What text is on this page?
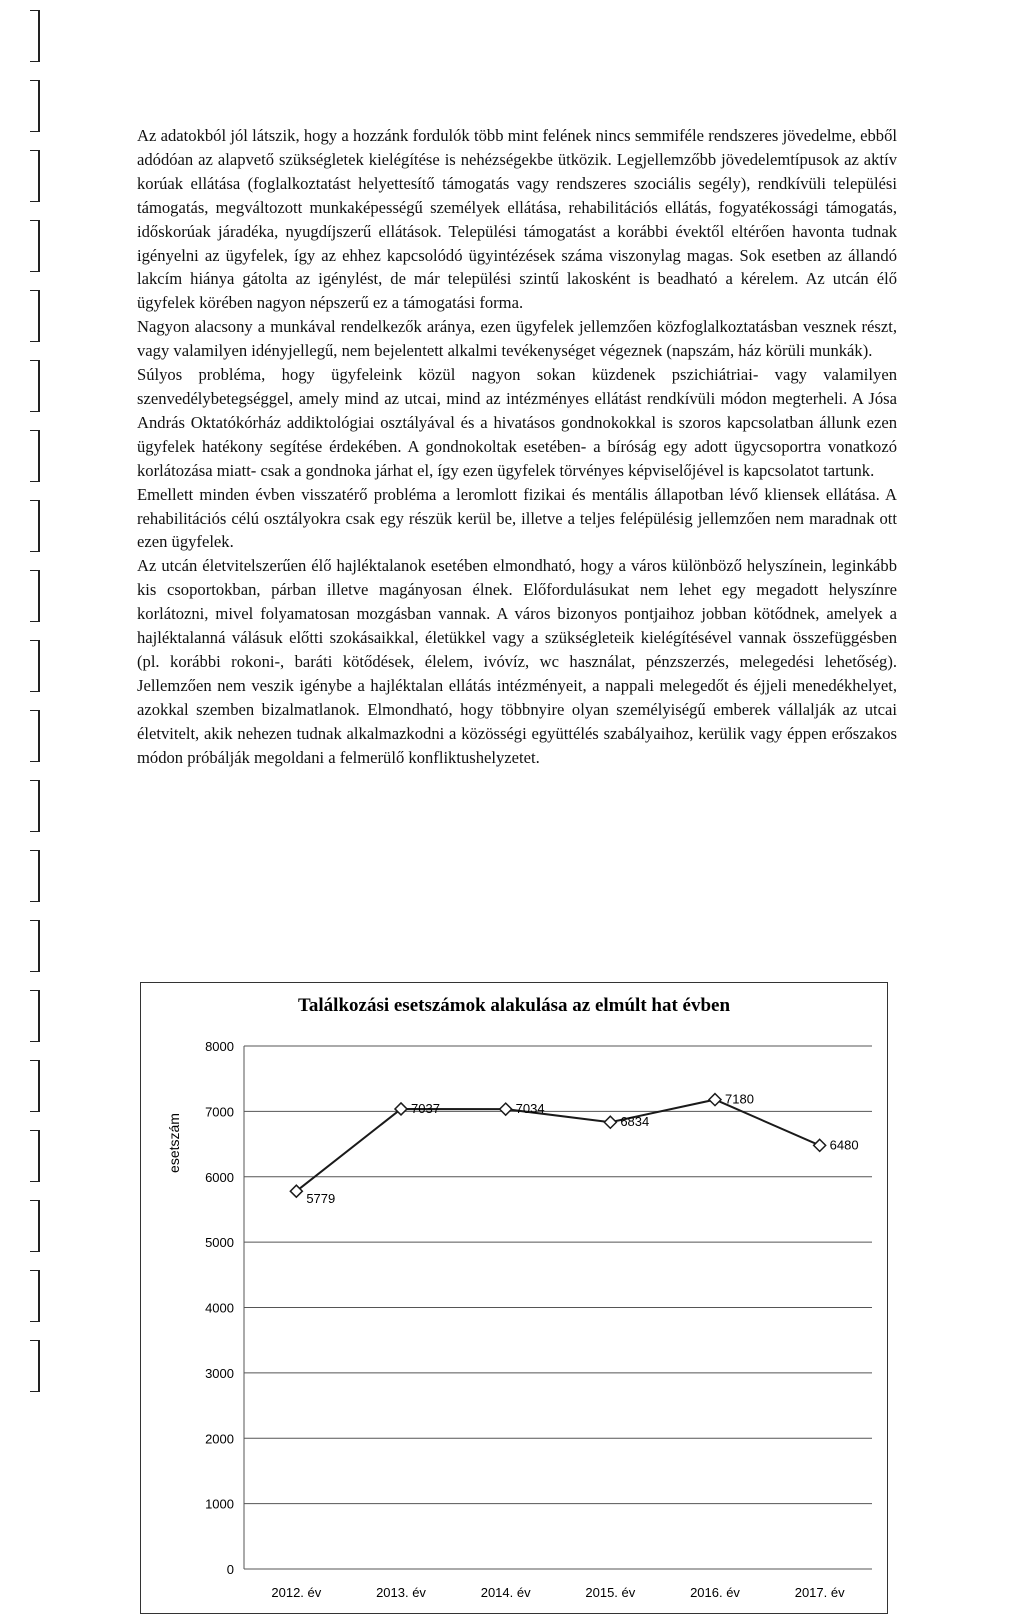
Az adatokból jól látszik, hogy a hozzánk fordulók több mint felének nincs semmiféle rendszeres jövedelme, ebből adódóan az alapvető szükségletek kielégítése is nehézségekbe ütközik. Legjellemzőbb jövedelemtípusok az aktív korúak ellátása (foglalkoztatást helyettesítő támogatás vagy rendszeres szociális segély), rendkívüli települési támogatás, megváltozott munkaképességű személyek ellátása, rehabilitációs ellátás, fogyatékossági támogatás, időskorúak járadéka, nyugdíjszerű ellátások. Települési támogatást a korábbi évektől eltérően havonta tudnak igényelni az ügyfelek, így az ehhez kapcsolódó ügyintézések száma viszonylag magas. Sok esetben az állandó lakcím hiánya gátolta az igénylést, de már települési szintű lakosként is beadható a kérelem. Az utcán élő ügyfelek körében nagyon népszerű ez a támogatási forma.

Nagyon alacsony a munkával rendelkezők aránya, ezen ügyfelek jellemzően közfoglalkoztatásban vesznek részt, vagy valamilyen idényjellegű, nem bejelentett alkalmi tevékenységet végeznek (napszám, ház körüli munkák).

Súlyos probléma, hogy ügyfeleink közül nagyon sokan küzdenek pszichiátriai- vagy valamilyen szenvedélybetegséggel, amely mind az utcai, mind az intézményes ellátást rendkívüli módon megterheli. A Jósa András Oktatókórház addiktológiai osztályával és a hivatásos gondnokokkal is szoros kapcsolatban állunk ezen ügyfelek hatékony segítése érdekében. A gondnokoltak esetében- a bíróság egy adott ügycsoportra vonatkozó korlátozása miatt- csak a gondnoka járhat el, így ezen ügyfelek törvényes képviselőjével is kapcsolatot tartunk.

Emellett minden évben visszatérő probléma a leromlott fizikai és mentális állapotban lévő kliensek ellátása. A rehabilitációs célú osztályokra csak egy részük kerül be, illetve a teljes felépülésig jellemzően nem maradnak ott ezen ügyfelek.

Az utcán életvitelszerűen élő hajléktalanok esetében elmondható, hogy a város különböző helyszínein, leginkább kis csoportokban, párban illetve magányosan élnek. Előfordulásukat nem lehet egy megadott helyszínre korlátozni, mivel folyamatosan mozgásban vannak. A város bizonyos pontjaihoz jobban kötődnek, amelyek a hajléktalanná válásuk előtti szokásaikkal, életükkel vagy a szükségleteik kielégítésével vannak összefüggésben (pl. korábbi rokoni-, baráti kötődések, élelem, ivóvíz, wc használat, pénzszerzés, melegedési lehetőség). Jellemzően nem veszik igénybe a hajléktalan ellátás intézményeit, a nappali melegedőt és éjjeli menedékhelyet, azokkal szemben bizalmatlanok. Elmondható, hogy többnyire olyan személyiségű emberek vállalják az utcai életvitelt, akik nehezen tudnak alkalmazkodni a közösségi együttélés szabályaihoz, kerülik vagy éppen erőszakos módon próbálják megoldani a felmerülő konfliktushelyzetet.

Találkozási esetszámok alakulása az elmúlt hat évben
0
1000
2000
3000
4000
5000
6000
7000
8000
2012. év	2013. év	2014. év	2015. év	2016. év	2017. év
5779
7037	7034
6834
7180
6480
esetszám
